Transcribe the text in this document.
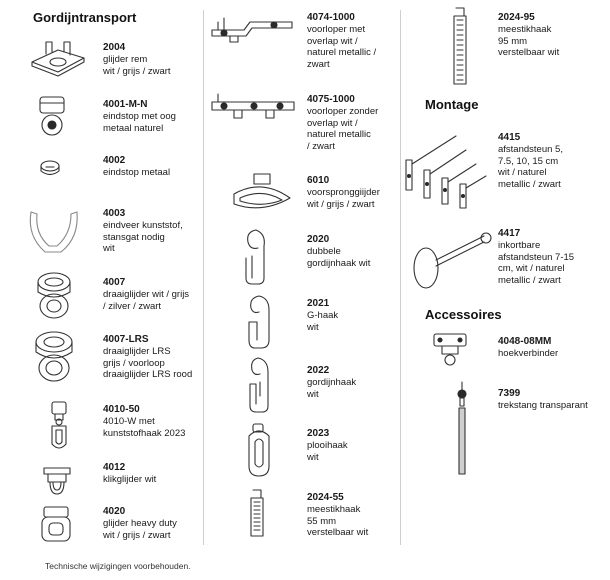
Gordijntransport
Montage
Accessoires
2004
glijder rem
wit / grijs / zwart
4001-M-N
eindstop met oog
metaal naturel
4002
eindstop metaal
4003
eindveer kunststof,
stansgat nodig
wit
4007
draaiglijder wit / grijs
/ zilver / zwart
4007-LRS
draaiglijder LRS
grijs / voorloop
draaiglijder LRS rood
4010-50
4010-W met
kunststofhaak 2023
4012
klikglijder wit
4020
glijder heavy duty
wit / grijs / zwart
4074-1000
voorloper met
overlap wit /
naturel metallic /
zwart
4075-1000
voorloper zonder
overlap wit /
naturel metallic
/ zwart
6010
voorspronggiijder
wit / grijs / zwart
2020
dubbele
gordijnhaak wit
2021
G-haak
wit
2022
gordijnhaak
wit
2023
plooihaak
wit
2024-55
meestikhaak
55 mm
verstelbaar wit
2024-95
meestikhaak
95 mm
verstelbaar wit
4415
afstandsteun 5,
7.5, 10, 15 cm
wit / naturel
metallic / zwart
4417
inkortbare
afstandsteun 7-15
cm, wit / naturel
metallic / zwart
4048-08MM
hoekverbinder
7399
trekstang transparant
Technische wijzigingen voorbehouden.
